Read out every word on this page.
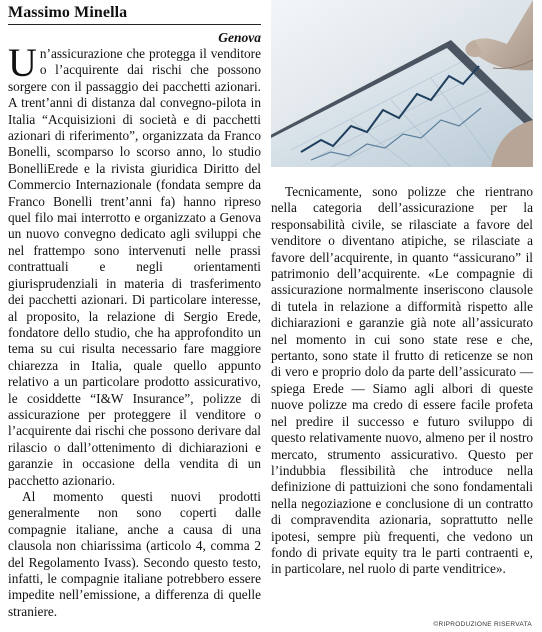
Massimo Minella
Genova

Un’assicurazione che protegga il venditore o l’acquirente dai rischi che possono sorgere con il passaggio dei pacchetti azionari. A trent’anni di distanza dal convegno-pilota in Italia “Acquisizioni di società e di pacchetti azionari di riferimento”, organizzata da Franco Bonelli, scomparso lo scorso anno, lo studio BonelliErede e la rivista giuridica Diritto del Commercio Internazionale (fondata sempre da Franco Bonelli trent’anni fa) hanno ripreso quel filo mai interrotto e organizzato a Genova un nuovo convegno dedicato agli sviluppi che nel frattempo sono intervenuti nelle prassi contrattuali e negli orientamenti giurisprudenziali in materia di trasferimento dei pacchetti azionari. Di particolare interesse, al proposito, la relazione di Sergio Erede, fondatore dello studio, che ha approfondito un tema su cui risulta necessario fare maggiore chiarezza in Italia, quale quello appunto relativo a un particolare prodotto assicurativo, le cosiddette “I&W Insurance”, polizze di assicurazione per proteggere il venditore o l’acquirente dai rischi che possono derivare dal rilascio o dall’ottenimento di dichiarazioni e garanzie in occasione della vendita di un pacchetto azionario.

Al momento questi nuovi prodotti generalmente non sono coperti dalle compagnie italiane, anche a causa di una clausola non chiarissima (articolo 4, comma 2 del Regolamento Ivass). Secondo questo testo, infatti, le compagnie italiane potrebbero essere impedite nell’emissione, a differenza di quelle straniere.

Tecnicamente, sono polizze che rientrano nella categoria dell’assicurazione per la responsabilità civile, se rilasciate a favore del venditore o diventano atipiche, se rilasciate a favore dell’acquirente, in quanto “assicurano” il patrimonio dell’acquirente. «Le compagnie di assicurazione normalmente inseriscono clausole di tutela in relazione a difformità rispetto alle dichiarazioni e garanzie già note all’assicurato nel momento in cui sono state rese e che, pertanto, sono state il frutto di reticenze se non di vero e proprio dolo da parte dell’assicurato — spiega Erede — Siamo agli albori di queste nuove polizze ma credo di essere facile profeta nel predire il successo e futuro sviluppo di questo relativamente nuovo, almeno per il nostro mercato, strumento assicurativo. Questo per l’indubbia flessibilità che introduce nella definizione di pattuizioni che sono fondamentali nella negoziazione e conclusione di un contratto di compravendita azionaria, soprattutto nelle ipotesi, sempre più frequenti, che vedono un fondo di private equity tra le parti contraenti e, in particolare, nel ruolo di parte venditrice».

©RIPRODUZIONE RISERVATA
